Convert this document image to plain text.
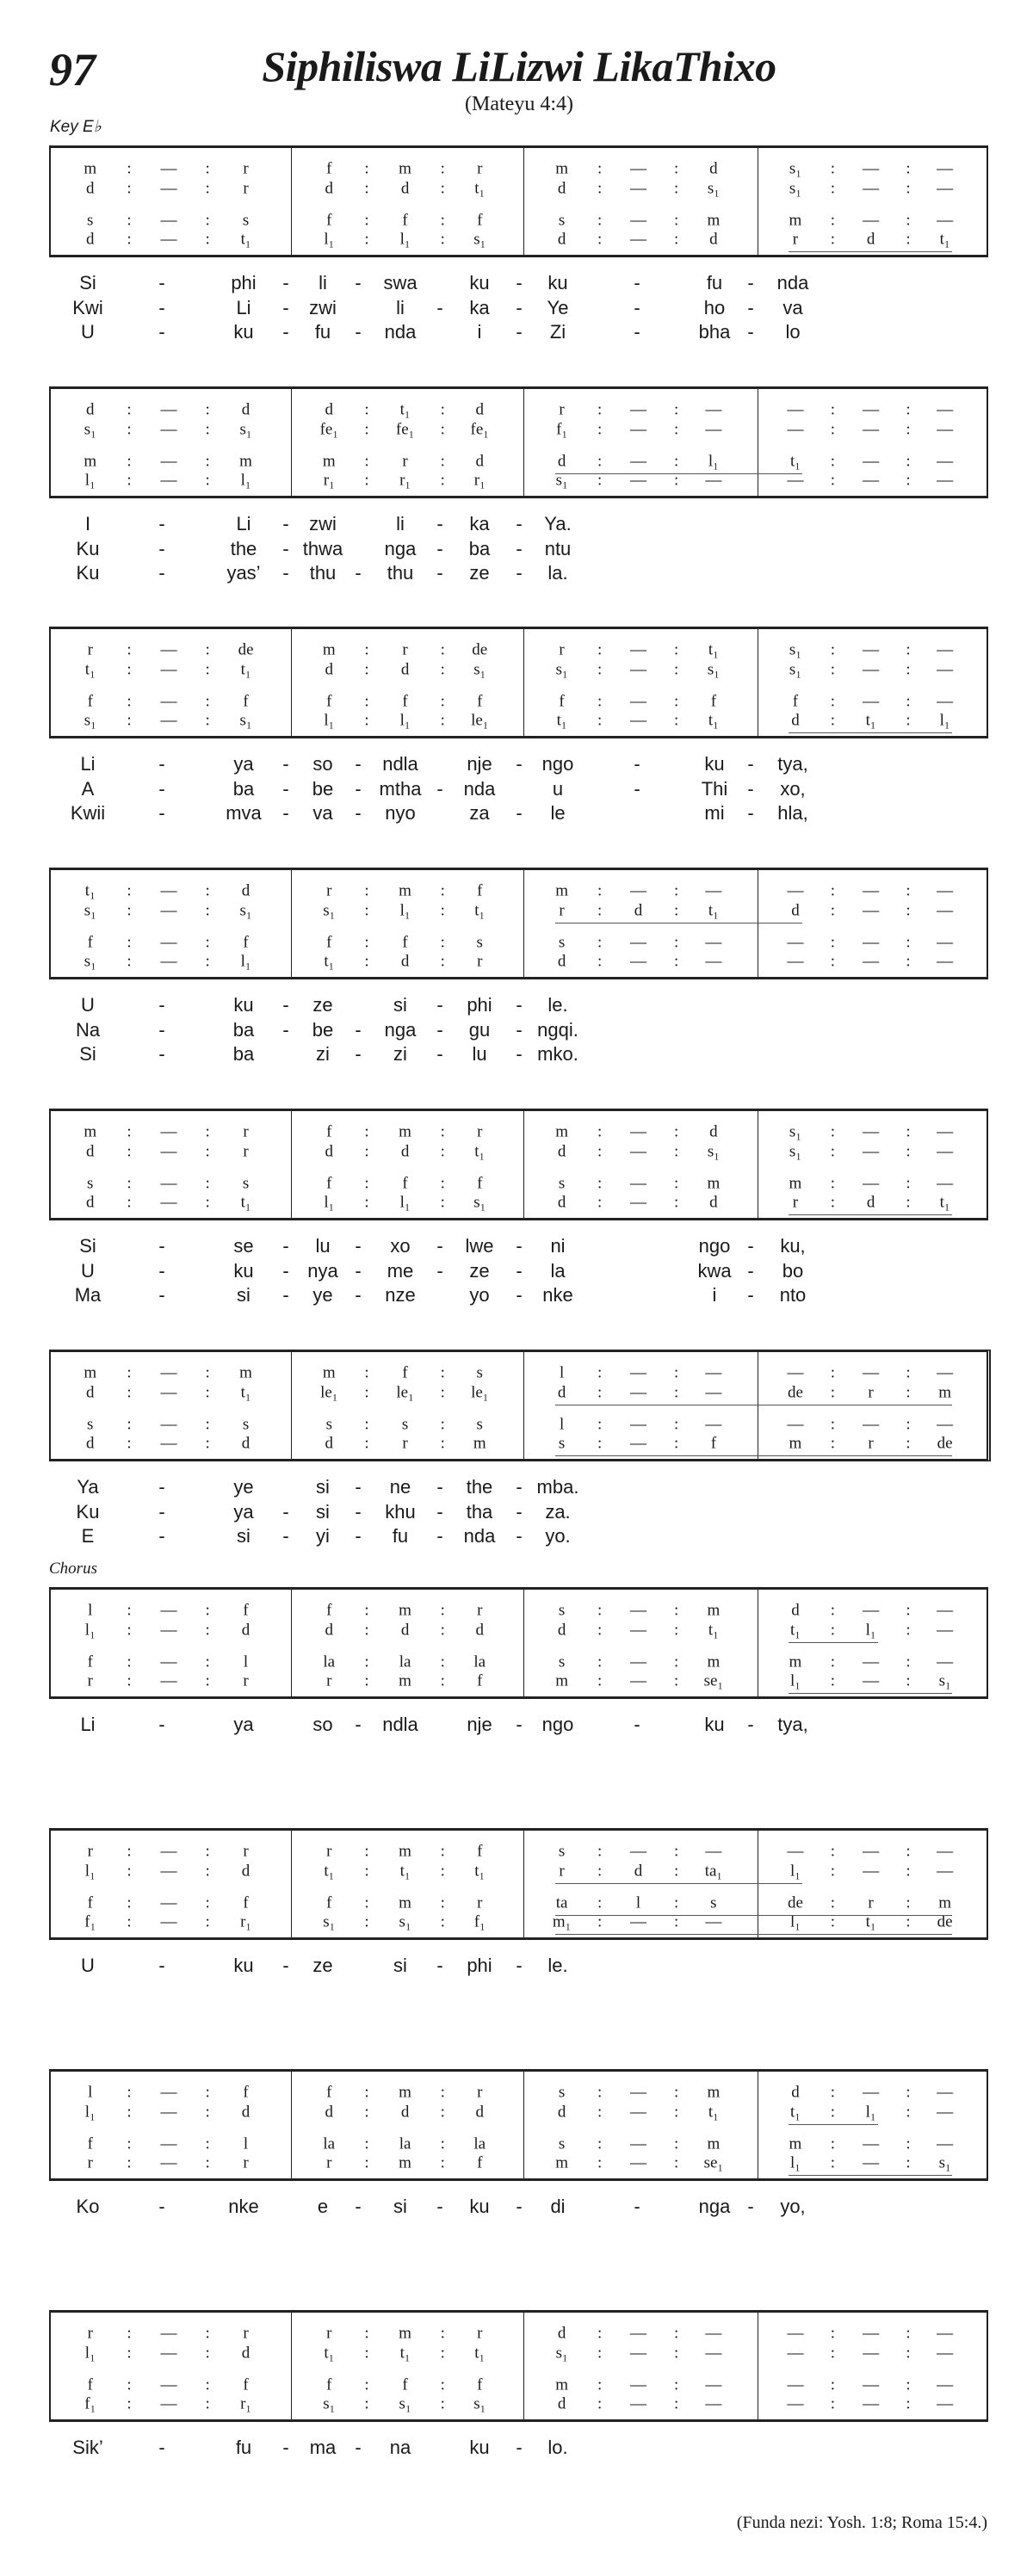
97	Siphiliswa LiLizwi LikaThixo
(Mateyu 4:4)
Key E♭
Chorus
(Funda nezi: Yosh. 1:8; Roma 15:4.)
m : — : r	f : m : r	m : — : d	s₁ : — : —
d : — : r	d : d : t₁	d : — : s₁	s₁ : — : —
s : — : s	f : f : f	s : — : m	m : — : —
d : — : t₁	l₁ : l₁ : s₁	d : — : d	r : d : t₁
Si	-	phi - li - swa	ku - ku	-	fu - nda
Kwi	-	Li - zwi	li - ka - Ye	-	ho - va
U	-	ku - fu - nda	i - Zi	-	bha - lo
d : — : d	d : t₁ : d	r : — : —	— : — : —
s₁ : — : s₁	fe₁ : fe₁ : fe₁	f₁ : — : —	— : — : —
m : — : m	m : r : d	d : — : l₁	t₁ : — : —
l₁ : — : l₁	r₁ : r₁ : r₁	s₁ : — : —	— : — : —
I	-	Li - zwi	li - ka - Ya.
Ku	-	the - thwa nga - ba - ntu
Ku	-	yas’ - thu - thu - ze - la.
r : — : de	m : r : de	r : — : t₁	s₁ : — : —
t₁ : — : t₁	d : d : s₁	s₁ : — : s₁	s₁ : — : —
f : — : f	f : f : f	f : — : f	f : — : —
s₁ : — : s₁	l₁ : l₁ : le₁	t₁ : — : t₁	d : t₁ : l₁
Li	-	ya - so - ndla	nje - ngo	-	ku - tya,
A	-	ba - be - mtha - nda	u	-	Thi - xo,
Kwii	-	mva - va - nyo	za - le	mi - hla,
t₁ : — : d	r : m : f	m : — : —	— : — : —
s₁ : — : s₁	s₁ : l₁ : t₁	r : d : t₁	d : — : —
f : — : f	f : f : s	s : — : —	— : — : —
s₁ : — : l₁	t₁ : d : r	d : — : —	— : — : —
U	-	ku - ze	si - phi - le.
Na	-	ba - be - nga - gu - ngqi.
Si	-	ba	zi - zi - lu - mko.
m : — : r	f : m : r	m : — : d	s₁ : — : —
d : — : r	d : d : t₁	d : — : s₁	s₁ : — : —
s : — : s	f : f : f	s : — : m	m : — : —
d : — : t₁	l₁ : l₁ : s₁	d : — : d	r : d : t₁
Si	-	se - lu - xo - lwe - ni	ngo - ku,
U	-	ku - nya - me - ze - la	kwa - bo
Ma	-	si - ye - nze	yo - nke	i - nto
m : — : m	m : f : s	l : — : —	— : — : —
d : — : t₁	le₁ : le₁ : le₁	d : — : —	de : r : m
s : — : s	s : s : s	l : — : —	— : — : —
d : — : d	d : r : m	s : — : f	m : r : de
Ya	-	ye	si - ne - the - mba.
Ku	-	ya - si - khu - tha - za.
E	-	si - yi - fu - nda - yo.
l : — : f	f : m : r	s : — : m	d : — : —
l₁ : — : d	d : d : d	d : — : t₁	t₁ : l₁ : —
f : — : l	la : la : la	s : — : m	m : — : —
r : — : r	r : m : f	m : — : se₁	l₁ : — : s₁
Li	-	ya	so - ndla	nje - ngo	-	ku - tya,
r : — : r	r : m : f	s : — : —	— : — : —
l₁ : — : d	t₁ : t₁ : t₁	r : d : ta₁	l₁ : — : —
f : — : f	f : m : r	ta : l : s	de : r : m
f₁ : — : r₁	s₁ : s₁ : f₁	m₁ : — : —	l₁ : t₁ : de
U	-	ku - ze	si - phi - le.
l : — : f	f : m : r	s : — : m	d : — : —
l₁ : — : d	d : d : d	d : — : t₁	t₁ : l₁ : —
f : — : l	la : la : la	s : — : m	m : — : —
r : — : r	r : m : f	m : — : se₁	l₁ : — : s₁
Ko	-	nke	e - si - ku - di	-	nga - yo,
r : — : r	r : m : r	d : — : —	— : — : —
l₁ : — : d	t₁ : t₁ : t₁	s₁ : — : —	— : — : —
f : — : f	f : f : f	m : — : —	— : — : —
f₁ : — : r₁	s₁ : s₁ : s₁	d : — : —	— : — : —
Sik’	-	fu - ma - na	ku - lo.
